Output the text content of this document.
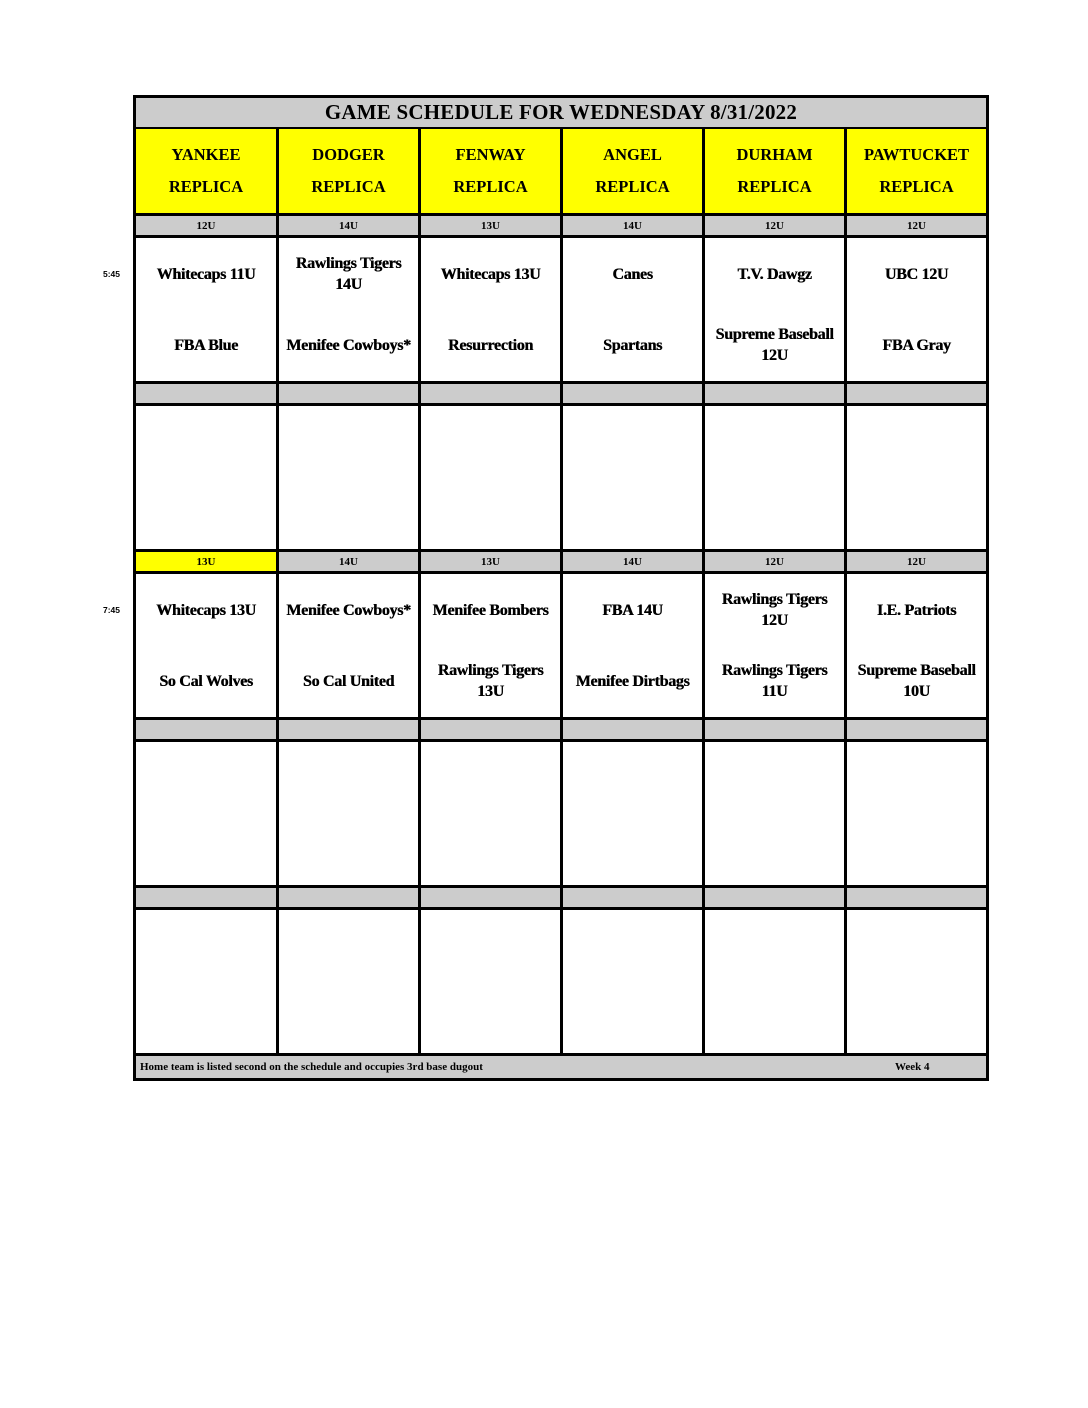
GAME SCHEDULE FOR WEDNESDAY 8/31/2022
YANKEE
REPLICA
DODGER
REPLICA
FENWAY
REPLICA
ANGEL
REPLICA
DURHAM
REPLICA
PAWTUCKET
REPLICA
12U
Whitecaps 11U
FBA Blue
14U
Rawlings Tigers 14U
Menifee Cowboys*
13U
Whitecaps 13U
Resurrection
14U
Canes
Spartans
12U
T.V. Dawgz
Supreme Baseball 12U
12U
UBC 12U
FBA Gray
13U
Whitecaps 13U
So Cal Wolves
14U
Menifee Cowboys*
So Cal United
13U
Menifee Bombers
Rawlings Tigers 13U
14U
FBA 14U
Menifee Dirtbags
12U
Rawlings Tigers 12U
Rawlings Tigers 11U
12U
I.E. Patriots
Supreme Baseball 10U
Home team is listed second on the schedule and occupies 3rd base dugout	Week 4
5:45
7:45
